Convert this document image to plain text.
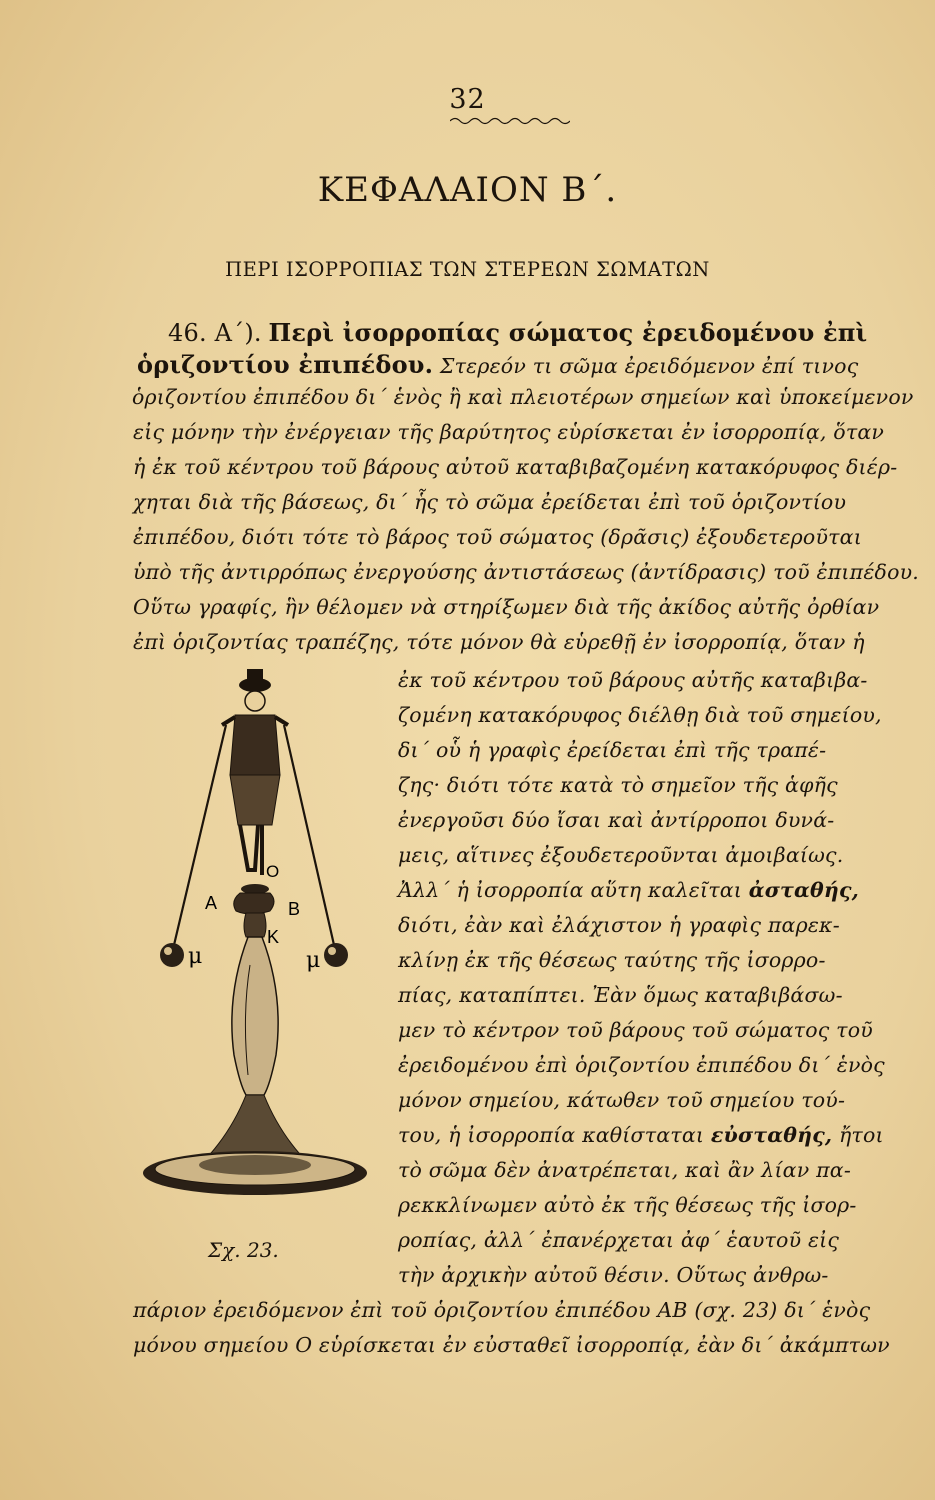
32
ΚΕΦΑΛΑΙΟΝ Β΄.
ΠΕΡΙ ΙΣΟΡΡΟΠΙΑΣ ΤΩΝ ΣΤΕΡΕΩΝ ΣΩΜΑΤΩΝ
46. Α΄). Περὶ ἰσορροπίας σώματος ἐρειδομένου ἐπὶ
ὁριζοντίου ἐπιπέδου. Στερεόν τι σῶμα ἐρειδόμενον ἐπί τινος
ὁριζοντίου ἐπιπέδου δι΄ ἑνὸς ἢ καὶ πλειοτέρων σημείων καὶ ὑποκείμενον
εἰς μόνην τὴν ἐνέργειαν τῆς βαρύτητος εὑρίσκεται ἐν ἰσορροπίᾳ, ὅταν
ἡ ἐκ τοῦ κέντρου τοῦ βάρους αὐτοῦ καταβιβαζομένη κατακόρυφος διέρ-
χηται διὰ τῆς βάσεως, δι΄ ἧς τὸ σῶμα ἐρείδεται ἐπὶ τοῦ ὁριζοντίου
ἐπιπέδου, διότι τότε τὸ βάρος τοῦ σώματος (δρᾶσις) ἐξουδετεροῦται
ὑπὸ τῆς ἀντιρρόπως ἐνεργούσης ἀντιστάσεως (ἀντίδρασις) τοῦ ἐπιπέδου.
Οὕτω γραφίς, ἣν θέλομεν νὰ στηρίξωμεν διὰ τῆς ἀκίδος αὐτῆς ὀρθίαν
ἐπὶ ὁριζοντίας τραπέζης, τότε μόνον θὰ εὑρεθῇ ἐν ἰσορροπίᾳ, ὅταν ἡ
ἐκ τοῦ κέντρου τοῦ βάρους αὐτῆς καταβιβα-
ζομένη κατακόρυφος διέλθῃ διὰ τοῦ σημείου,
δι΄ οὗ ἡ γραφὶς ἐρείδεται ἐπὶ τῆς τραπέ-
ζης· διότι τότε κατὰ τὸ σημεῖον τῆς ἁφῆς
ἐνεργοῦσι δύο ἴσαι καὶ ἀντίρροποι δυνά-
μεις, αἵτινες ἐξουδετεροῦνται ἀμοιβαίως.
Ἀλλ΄ ἡ ἰσορροπία αὕτη καλεῖται ἀσταθής,
διότι, ἐὰν καὶ ἐλάχιστον ἡ γραφὶς παρεκ-
κλίνῃ ἐκ τῆς θέσεως ταύτης τῆς ἰσορρο-
πίας, καταπίπτει. Ἐὰν ὅμως καταβιβάσω-
μεν τὸ κέντρον τοῦ βάρους τοῦ σώματος τοῦ
ἐρειδομένου ἐπὶ ὁριζοντίου ἐπιπέδου δι΄ ἑνὸς
μόνον σημείου, κάτωθεν τοῦ σημείου τού-
του, ἡ ἰσορροπία καθίσταται εὐσταθής, ἤτοι
τὸ σῶμα δὲν ἀνατρέπεται, καὶ ἂν λίαν πα-
ρεκκλίνωμεν αὐτὸ ἐκ τῆς θέσεως τῆς ἰσορ-
ροπίας, ἀλλ΄ ἐπανέρχεται ἀφ΄ ἑαυτοῦ εἰς
τὴν ἀρχικὴν αὐτοῦ θέσιν. Οὕτως ἀνθρω-
πάριον ἐρειδόμενον ἐπὶ τοῦ ὁριζοντίου ἐπιπέδου ΑΒ (σχ. 23) δι΄ ἑνὸς
μόνου σημείου Ο εὑρίσκεται ἐν εὐσταθεῖ ἰσορροπίᾳ, ἐὰν δι΄ ἀκάμπτων
Ο
Α	Β
Κ
μ	μ
Σχ. 23.
